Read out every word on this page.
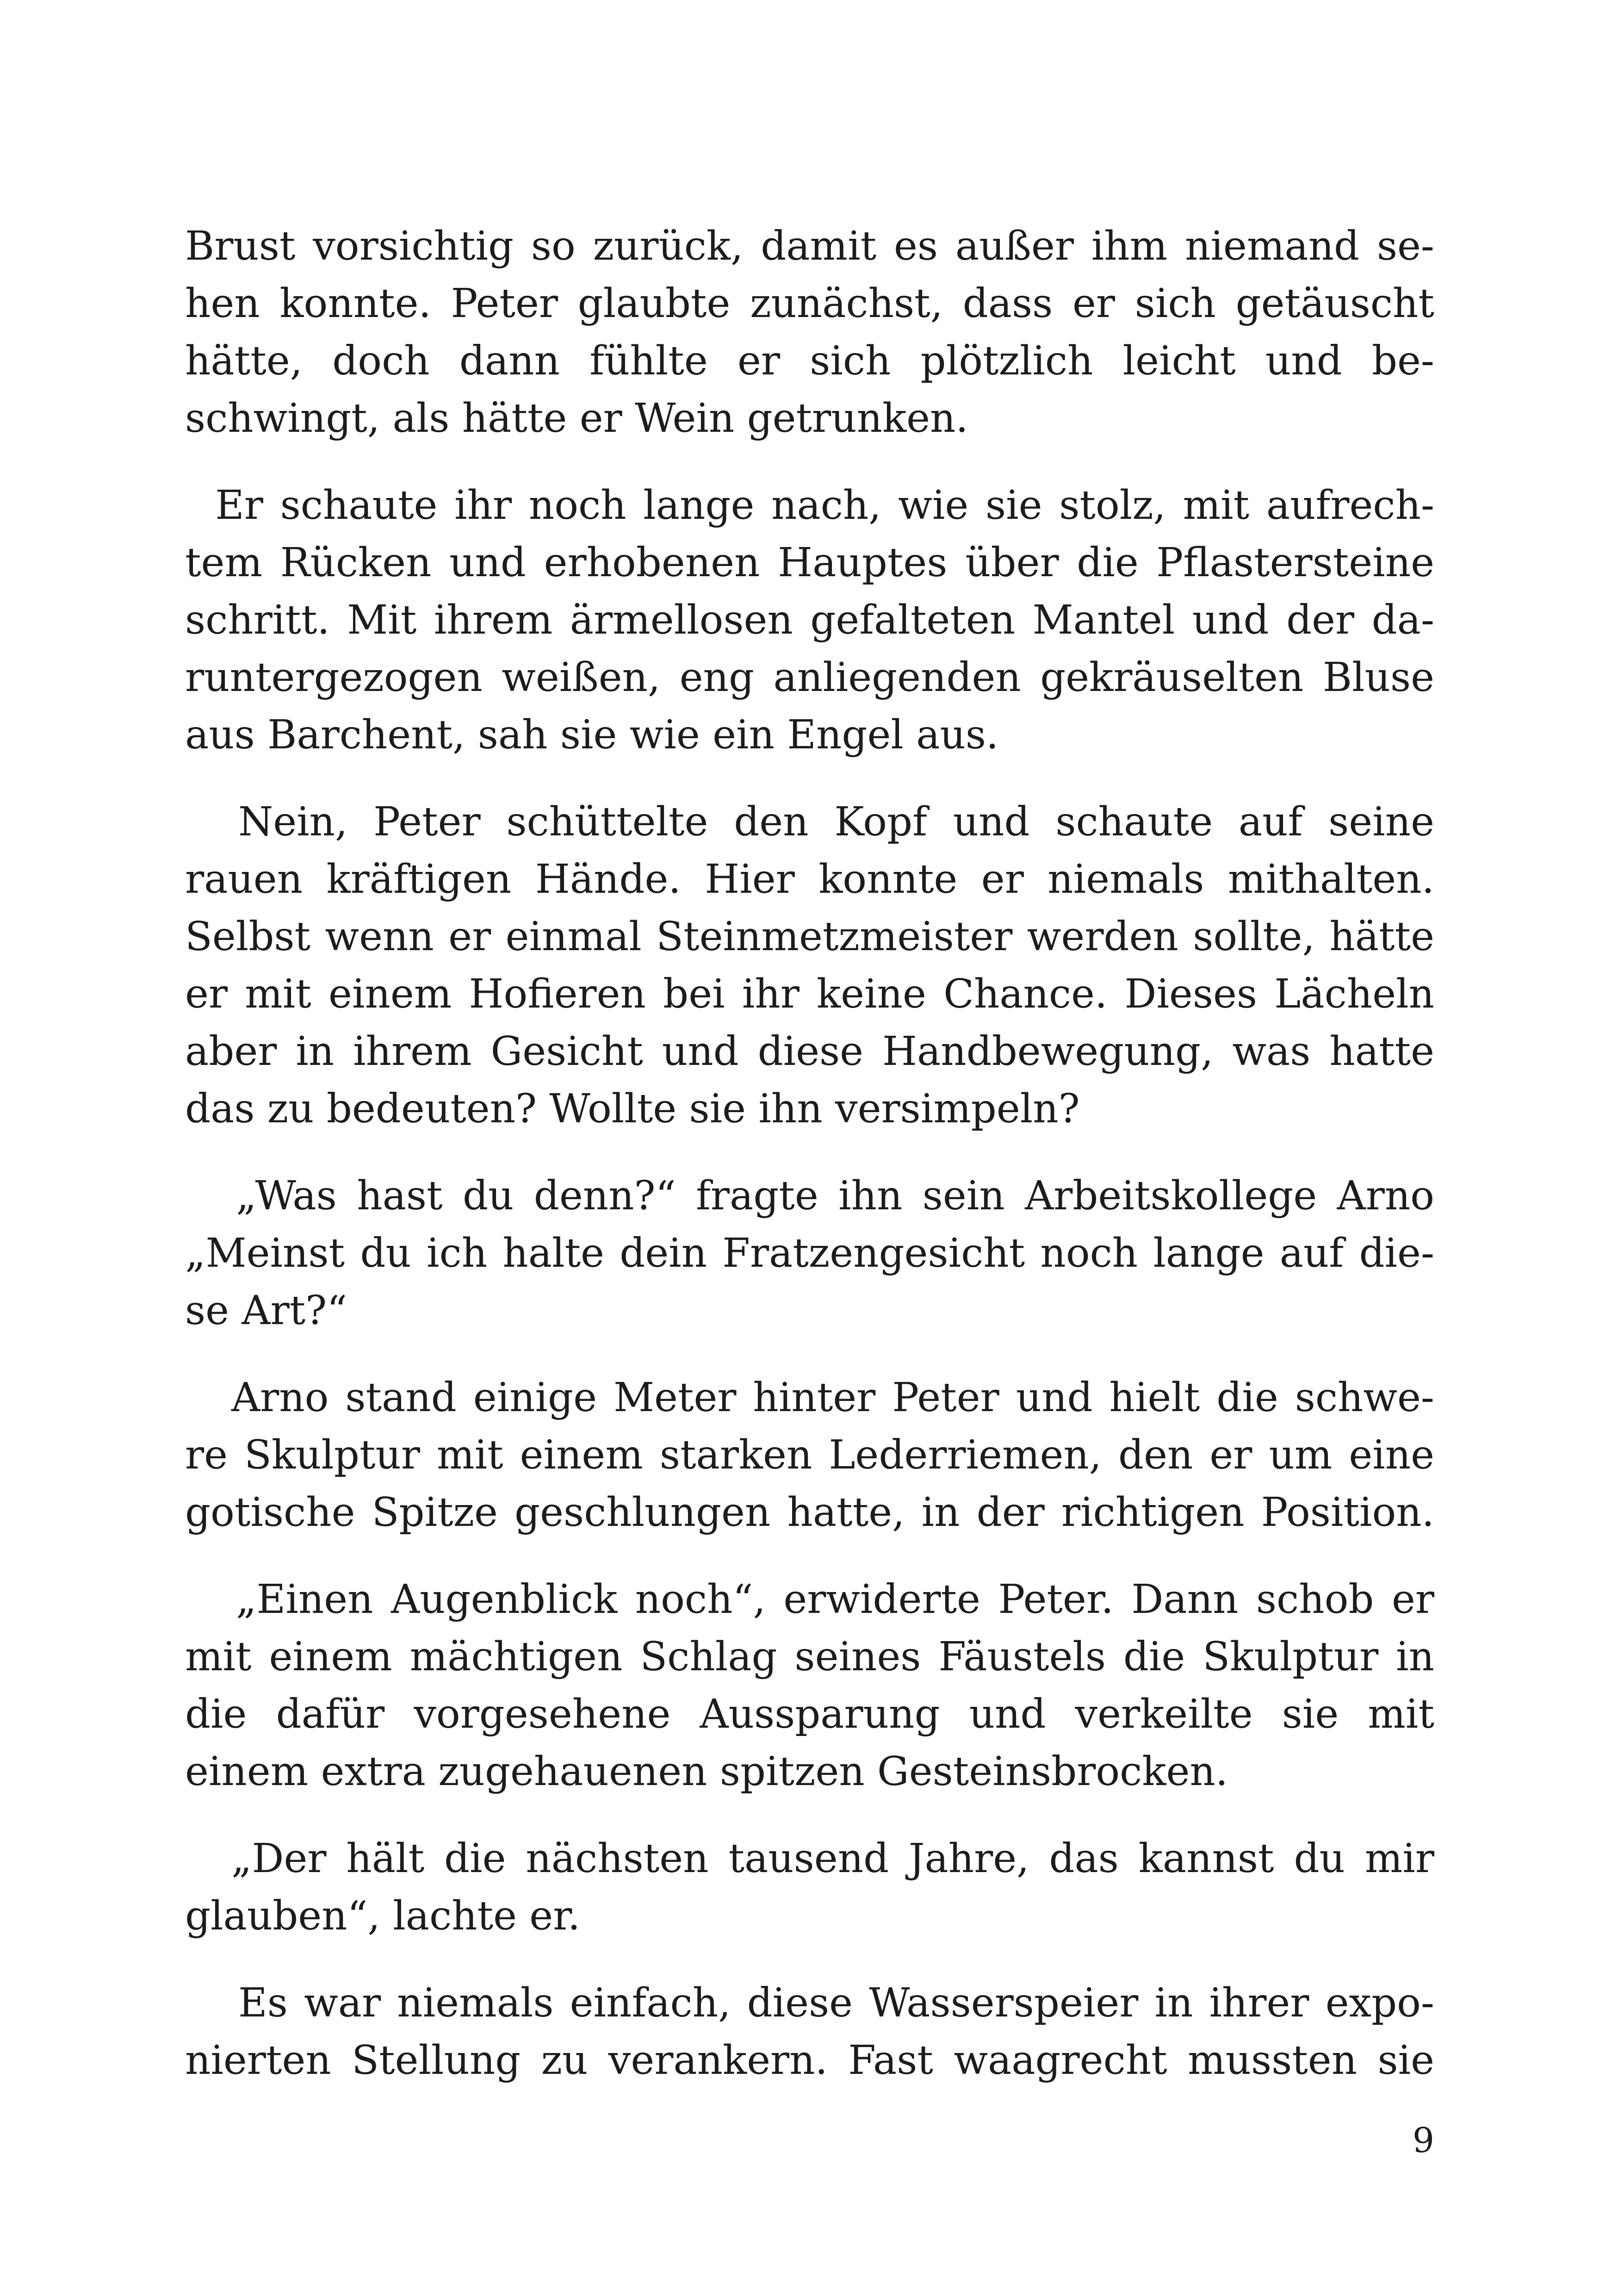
Brust vorsichtig so zurück, damit es außer ihm niemand se-

hen konnte. Peter glaubte zunächst, dass er sich getäuscht

hätte, doch dann fühlte er sich plötzlich leicht und be-

schwingt, als hätte er Wein getrunken.

Er schaute ihr noch lange nach, wie sie stolz, mit aufrech-

tem Rücken und erhobenen Hauptes über die Pflastersteine

schritt. Mit ihrem ärmellosen gefalteten Mantel und der da-

runtergezogen weißen, eng anliegenden gekräuselten Bluse

aus Barchent, sah sie wie ein Engel aus.

Nein, Peter schüttelte den Kopf und schaute auf seine

rauen kräftigen Hände. Hier konnte er niemals mithalten.

Selbst wenn er einmal Steinmetzmeister werden sollte, hätte

er mit einem Hofieren bei ihr keine Chance. Dieses Lächeln

aber in ihrem Gesicht und diese Handbewegung, was hatte

das zu bedeuten? Wollte sie ihn versimpeln?

„Was hast du denn?“ fragte ihn sein Arbeitskollege Arno

„Meinst du ich halte dein Fratzengesicht noch lange auf die-

se Art?“

Arno stand einige Meter hinter Peter und hielt die schwe-

re Skulptur mit einem starken Lederriemen, den er um eine

gotische Spitze geschlungen hatte, in der richtigen Position.

„Einen Augenblick noch“, erwiderte Peter. Dann schob er

mit einem mächtigen Schlag seines Fäustels die Skulptur in

die dafür vorgesehene Aussparung und verkeilte sie mit

einem extra zugehauenen spitzen Gesteinsbrocken.

„Der hält die nächsten tausend Jahre, das kannst du mir

glauben“, lachte er.

Es war niemals einfach, diese Wasserspeier in ihrer expo-

nierten Stellung zu verankern. Fast waagrecht mussten sie

9
